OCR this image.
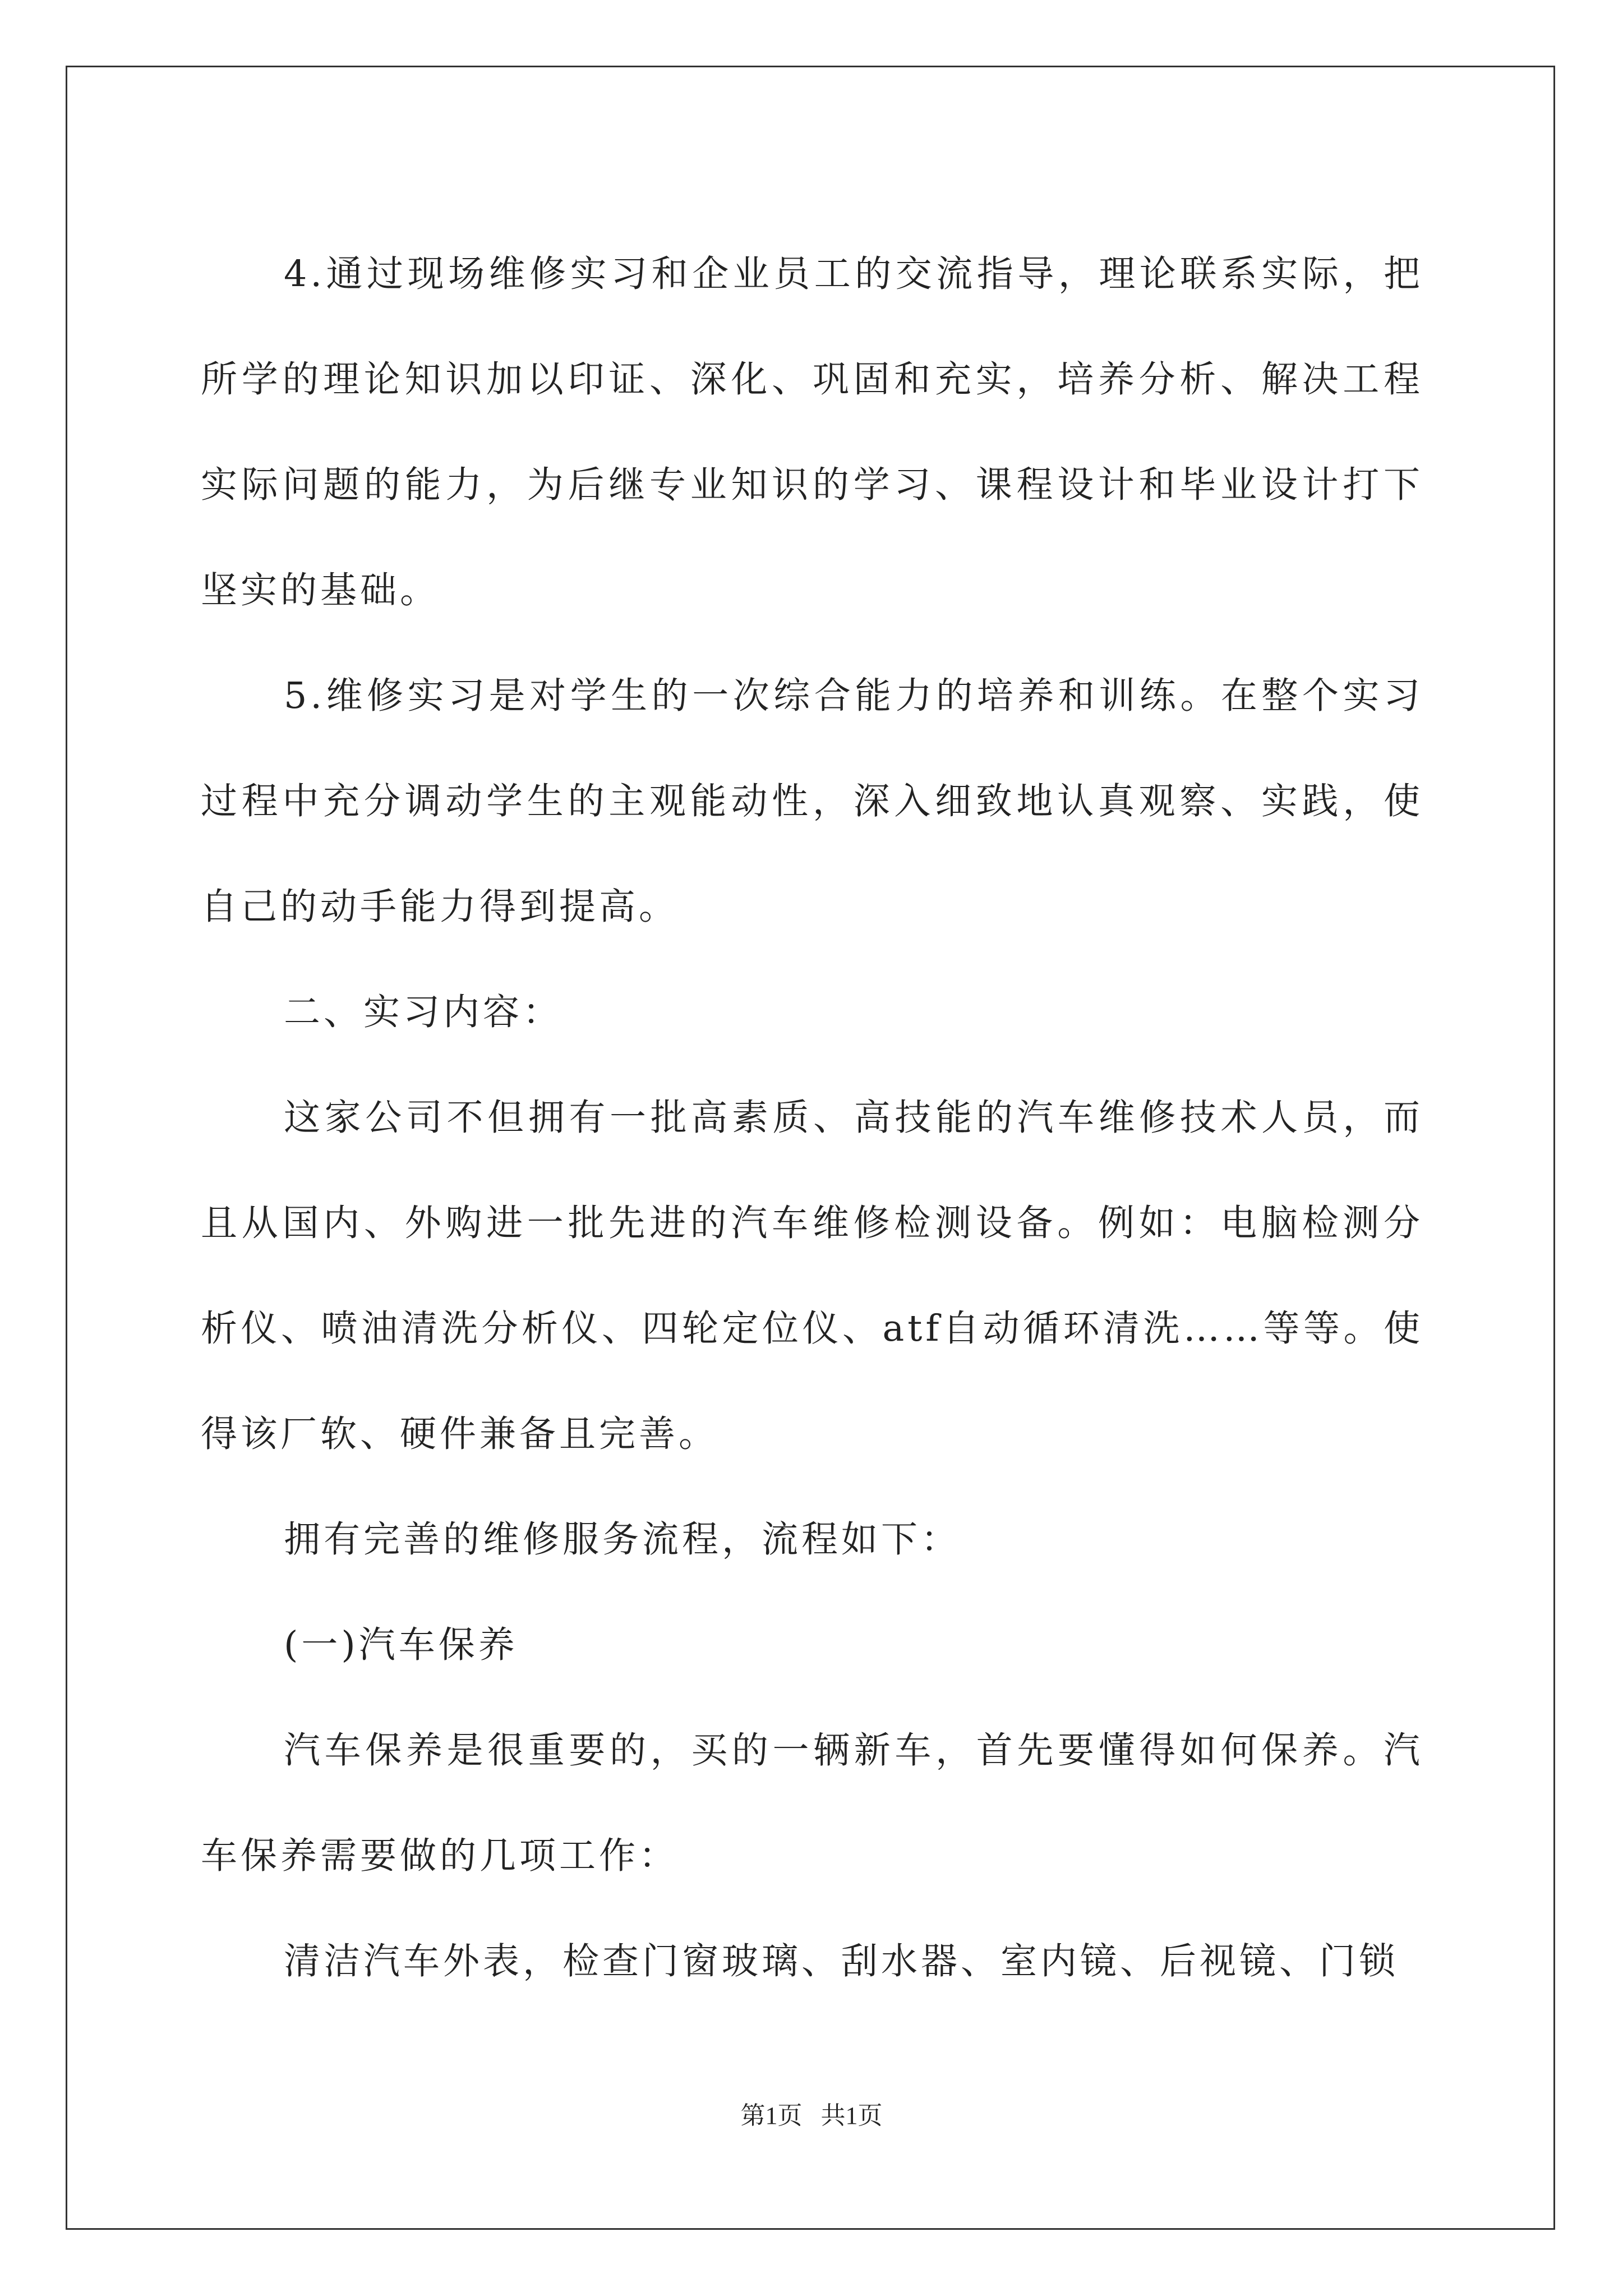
4.通过现场维修实习和企业员工的交流指导，理论联系实际，把所学的理论知识加以印证、深化、巩固和充实，培养分析、解决工程实际问题的能力，为后继专业知识的学习、课程设计和毕业设计打下坚实的基础。

5.维修实习是对学生的一次综合能力的培养和训练。在整个实习过程中充分调动学生的主观能动性，深入细致地认真观察、实践，使自己的动手能力得到提高。

二、实习内容：

这家公司不但拥有一批高素质、高技能的汽车维修技术人员，而且从国内、外购进一批先进的汽车维修检测设备。例如：电脑检测分析仪、喷油清洗分析仪、四轮定位仪、atf自动循环清洗……等等。使得该厂软、硬件兼备且完善。

拥有完善的维修服务流程，流程如下：

(一)汽车保养

汽车保养是很重要的，买的一辆新车，首先要懂得如何保养。汽车保养需要做的几项工作：

清洁汽车外表，检查门窗玻璃、刮水器、室内镜、后视镜、门锁

第1页 共1页
